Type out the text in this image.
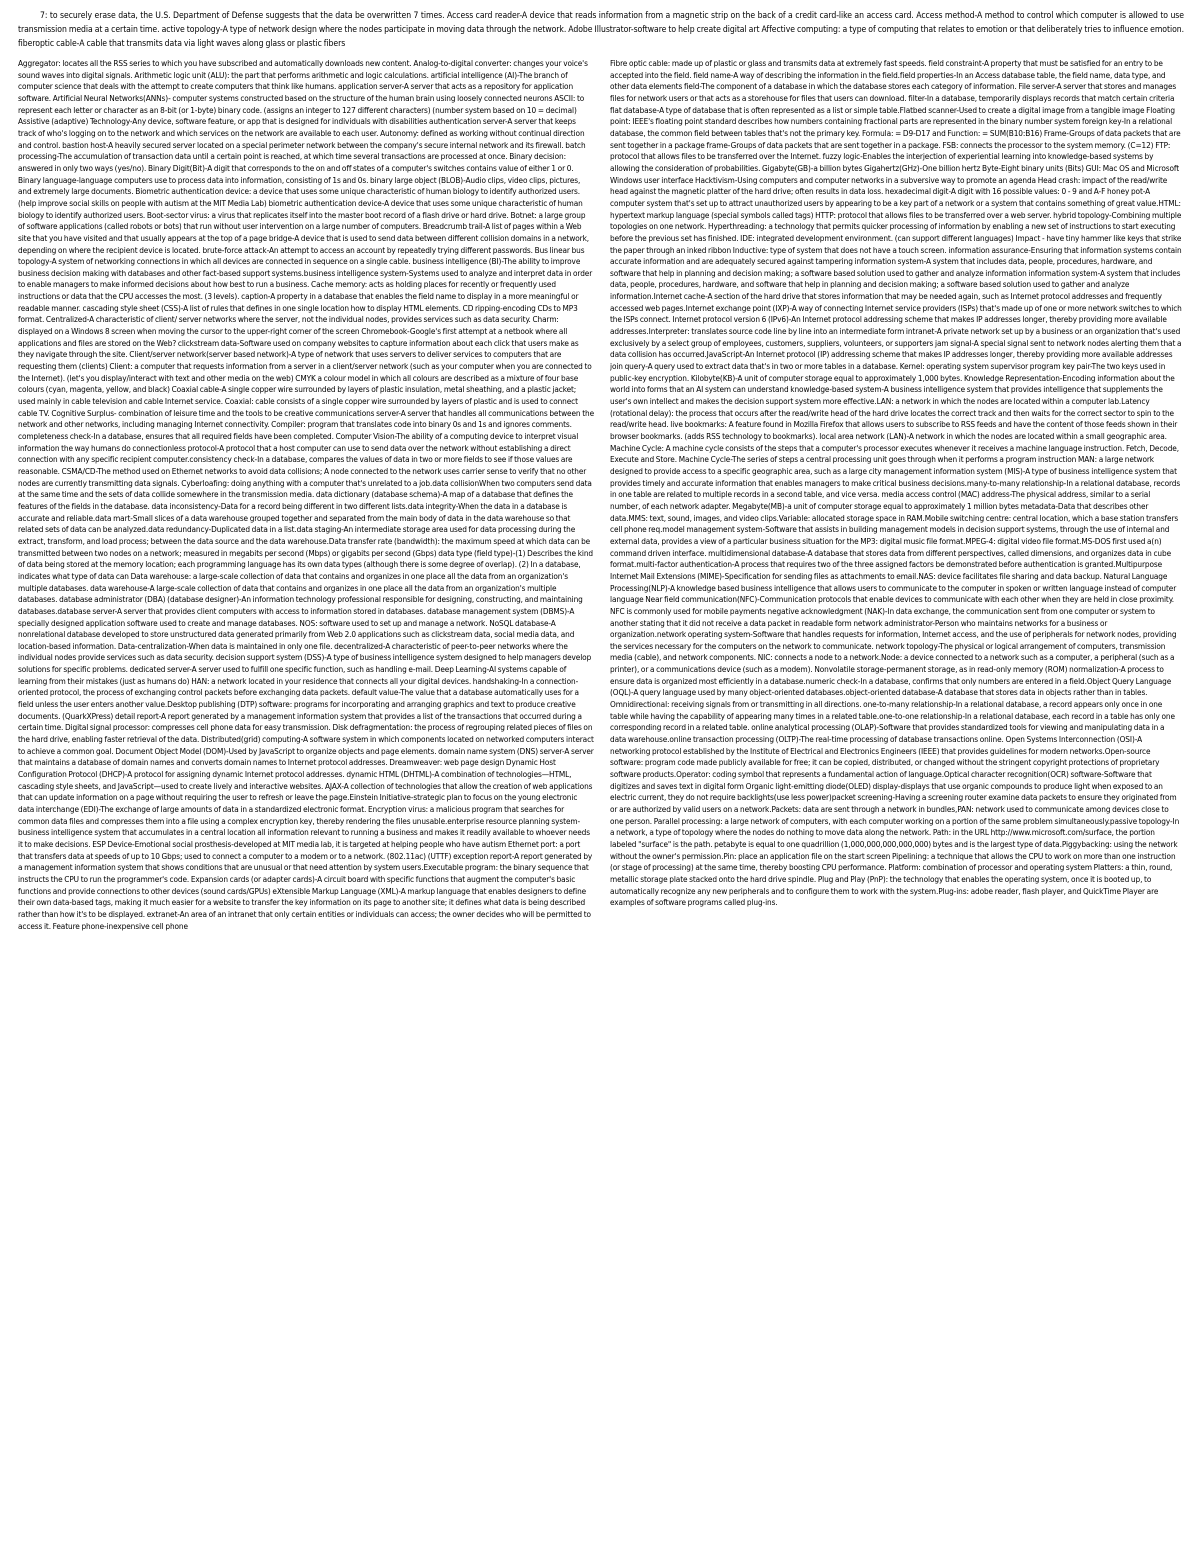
7: to securely erase data, the U.S. Department of Defense suggests that the data be overwritten 7 times. Access card reader-A device that reads information from a magnetic strip on the back of a credit card-like an access card. Access method-A method to control which computer is allowed to use transmission media at a certain time. active topology-A type of network design where the nodes participate in moving data through the network. Adobe Illustrator-software to help create digital art Affective computing: a type of computing that relates to emotion or that deliberately tries to influence emotion. fiberoptic cable-A cable that transmits data via light waves along glass or plastic fibers

Aggregator: locates all the RSS series to which you have subscribed and automatically downloads new content. Analog-to-digital converter: changes your voice's sound waves into digital signals. Arithmetic logic unit (ALU): the part that performs arithmetic and logic calculations. artificial intelligence (AI)-The branch of computer science that deals with the attempt to create computers that think like humans. application server-A server that acts as a repository for application software. Artificial Neural Networks(ANNs)- computer systems constructed based on the structure of the human brain using loosely connected neurons ASCII: to represent each letter or character as an 8-bit (or 1-byte) binary code. (assigns an integer to 127 different characters) (number system based on 10 = decimal) Assistive (adaptive) Technology-Any device, software feature, or app that is designed for individuals with disabilities authentication server-A server that keeps track of who's logging on to the network and which services on the network are available to each user. Autonomy: defined as working without continual direction and control. bastion host-A heavily secured server located on a special perimeter network between the company's secure internal network and its firewall. batch processing-The accumulation of transaction data until a certain point is reached, at which time several transactions are processed at once. Binary decision: answered in only two ways (yes/no). Binary Digit(Bit)-A digit that corresponds to the on and off states of a computer's switches contains value of either 1 or 0. Binary language-language computers use to process data into information, consisting of 1s and 0s. binary large object (BLOB)-Audio clips, video clips, pictures, and extremely large documents. Biometric authentication device: a device that uses some unique characteristic of human biology to identify authorized users. (help improve social skills on people with autism at the MIT Media Lab) biometric authentication device-A device that uses some unique characteristic of human biology to identify authorized users. Boot-sector virus: a virus that replicates itself into the master boot record of a flash drive or hard drive. Botnet: a large group of software applications (called robots or bots) that run without user intervention on a large number of computers. Breadcrumb trail-A list of pages within a Web site that you have visited and that usually appears at the top of a page bridge-A device that is used to send data between different collision domains in a network, depending on where the recipient device is located. brute-force attack-An attempt to access an account by repeatedly trying different passwords. Bus linear bus topology-A system of networking connections in which all devices are connected in sequence on a single cable. business intelligence (BI)-The ability to improve business decision making with databases and other fact-based support systems.business intelligence system-Systems used to analyze and interpret data in order to enable managers to make informed decisions about how best to run a business. Cache memory: acts as holding places for recently or frequently used instructions or data that the CPU accesses the most. (3 levels). caption-A property in a database that enables the field name to display in a more meaningful or readable manner. cascading style sheet (CSS)-A list of rules that defines in one single location how to display HTML elements. CD ripping-encoding CDs to MP3 format. Centralized-A characteristic of client/ server networks where the server, not the individual nodes, provides services such as data security. Charm: displayed on a Windows 8 screen when moving the cursor to the upper-right corner of the screen Chromebook-Google's first attempt at a netbook where all applications and files are stored on the Web? clickstream data-Software used on company websites to capture information about each click that users make as they navigate through the site. Client/server network(server based network)-A type of network that uses servers to deliver services to computers that are requesting them (clients) Client: a computer that requests information from a server in a client/server network (such as your computer when you are connected to the Internet). (let's you display/interact with text and other media on the web) CMYK a colour model in which all colours are described as a mixture of four base colours (cyan, magenta, yellow, and black) Coaxial cable-A single copper wire surrounded by layers of plastic insulation, metal sheathing, and a plastic jacket; used mainly in cable television and cable Internet service. Coaxial: cable consists of a single copper wire surrounded by layers of plastic and is used to connect cable TV. Cognitive Surplus- combination of leisure time and the tools to be creative communications server-A server that handles all communications between the network and other networks, including managing Internet connectivity. Compiler: program that translates code into binary 0s and 1s and ignores comments. completeness check-In a database, ensures that all required fields have been completed. Computer Vision-The ability of a computing device to interpret visual information the way humans do connectionless protocol-A protocol that a host computer can use to send data over the network without establishing a direct connection with any specific recipient computer.consistency check-In a database, compares the values of data in two or more fields to see if those values are reasonable. CSMA/CD-The method used on Ethernet networks to avoid data collisions; A node connected to the network uses carrier sense to verify that no other nodes are currently transmitting data signals. Cyberloafing: doing anything with a computer that's unrelated to a job.data collisionWhen two computers send data at the same time and the sets of data collide somewhere in the transmission media. data dictionary (database schema)-A map of a database that defines the features of the fields in the database. data inconsistency-Data for a record being different in two different lists.data integrity-When the data in a database is accurate and reliable.data mart-Small slices of a data warehouse grouped together and separated from the main body of data in the data warehouse so that related sets of data can be analyzed.data redundancy-Duplicated data in a list.data staging-An intermediate storage area used for data processing during the extract, transform, and load process; between the data source and the data warehouse.Data transfer rate (bandwidth): the maximum speed at which data can be transmitted between two nodes on a network; measured in megabits per second (Mbps) or gigabits per second (Gbps) data type (field type)-(1) Describes the kind of data being stored at the memory location; each programming language has its own data types (although there is some degree of overlap). (2) In a database, indicates what type of data can Data warehouse: a large-scale collection of data that contains and organizes in one place all the data from an organization's multiple databases. data warehouse-A large-scale collection of data that contains and organizes in one place all the data from an organization's multiple databases. database administrator (DBA) (database designer)-An information technology professional responsible for designing, constructing, and maintaining databases.database server-A server that provides client computers with access to information stored in databases. database management system (DBMS)-A specially designed application software used to create and manage databases. NOS: software used to set up and manage a network. NoSQL database-A nonrelational database developed to store unstructured data generated primarily from Web 2.0 applications such as clickstream data, social media data, and location-based information. Data-centralization-When data is maintained in only one file. decentralized-A characteristic of peer-to-peer networks where the individual nodes provide services such as data security. decision support system (DSS)-A type of business intelligence system designed to help managers develop solutions for specific problems. dedicated server-A server used to fulfill one specific function, such as handling e-mail. Deep Learning-AI systems capable of learning from their mistakes (just as humans do) HAN: a network located in your residence that connects all your digital devices. handshaking-In a connection-oriented protocol, the process of exchanging control packets before exchanging data packets. default value-The value that a database automatically uses for a field unless the user enters another value.Desktop publishing (DTP) software: programs for incorporating and arranging graphics and text to produce creative documents. (QuarkXPress) detail report-A report generated by a management information system that provides a list of the transactions that occurred during a certain time. Digital signal processor: compresses cell phone data for easy transmission. Disk defragmentation: the process of regrouping related pieces of files on the hard drive, enabling faster retrieval of the data. Distributed(grid) computing-A software system in which components located on networked computers interact to achieve a common goal. Document Object Model (DOM)-Used by JavaScript to organize objects and page elements. domain name system (DNS) server-A server that maintains a database of domain names and converts domain names to Internet protocol addresses. Dreamweaver: web page design Dynamic Host Configuration Protocol (DHCP)-A protocol for assigning dynamic Internet protocol addresses. dynamic HTML (DHTML)-A combination of technologies—HTML, cascading style sheets, and JavaScript—used to create lively and interactive websites. AJAX-A collection of technologies that allow the creation of web applications that can update information on a page without requiring the user to refresh or leave the page.Einstein Initiative-strategic plan to focus on the young electronic data interchange (EDI)-The exchange of large amounts of data in a standardized electronic format. Encryption virus: a malicious program that searches for common data files and compresses them into a file using a complex encryption key, thereby rendering the files unusable.enterprise resource planning system- business intelligence system that accumulates in a central location all information relevant to running a business and makes it readily available to whoever needs it to make decisions. ESP Device-Emotional social prosthesis-developed at MIT media lab, it is targeted at helping people who have autism Ethernet port: a port that transfers data at speeds of up to 10 Gbps; used to connect a computer to a modem or to a network. (802.11ac) (UTTF) exception report-A report generated by a management information system that shows conditions that are unusual or that need attention by system users.Executable program: the binary sequence that instructs the CPU to run the programmer's code. Expansion cards (or adapter cards)-A circuit board with specific functions that augment the computer's basic functions and provide connections to other devices (sound cards/GPUs) eXtensible Markup Language (XML)-A markup language that enables designers to define their own data-based tags, making it much easier for a website to transfer the key information on its page to another site; it defines what data is being described rather than how it's to be displayed. extranet-An area of an intranet that only certain entities or individuals can access; the owner decides who will be permitted to access it. Feature phone-inexpensive cell phone

Fibre optic cable: made up of plastic or glass and transmits data at extremely fast speeds. field constraint-A property that must be satisfied for an entry to be accepted into the field. field name-A way of describing the information in the field.field properties-In an Access database table, the field name, data type, and other data elements field-The component of a database in which the database stores each category of information. File server-A server that stores and manages files for network users or that acts as a storehouse for files that users can download. filter-In a database, temporarily displays records that match certain criteria flat database-A type of database that is often represented as a list or simple table.Flatbed scanner-Used to create a digital image from a tangible image Floating point: IEEE's floating point standard describes how numbers containing fractional parts are represented in the binary number system foreign key-In a relational database, the common field between tables that's not the primary key. Formula: = D9-D17 and Function: = SUM(B10:B16) Frame-Groups of data packets that are sent together in a package frame-Groups of data packets that are sent together in a package. FSB: connects the processor to the system memory. (C=12) FTP: protocol that allows files to be transferred over the Internet. fuzzy logic-Enables the interjection of experiential learning into knowledge-based systems by allowing the consideration of probabilities. Gigabyte(GB)-a billion bytes Gigahertz(GHz)-One billion hertz Byte-Eight binary units (Bits) GUI: Mac OS and Microsoft Windows user interface Hacktivism-Using computers and computer networks in a subversive way to promote an agenda Head crash: impact of the read/write head against the magnetic platter of the hard drive; often results in data loss. hexadecimal digit-A digit with 16 possible values: 0 - 9 and A-F honey pot-A computer system that's set up to attract unauthorized users by appearing to be a key part of a network or a system that contains something of great value.HTML: hypertext markup language (special symbols called tags) HTTP: protocol that allows files to be transferred over a web server. hybrid topology-Combining multiple topologies on one network. Hyperthreading: a technology that permits quicker processing of information by enabling a new set of instructions to start executing before the previous set has finished. IDE: integrated development environment. (can support different languages) Impact - have tiny hammer like keys that strike the paper through an inked ribbon Inductive: type of system that does not have a touch screen. information assurance-Ensuring that information systems contain accurate information and are adequately secured against tampering information system-A system that includes data, people, procedures, hardware, and software that help in planning and decision making; a software based solution used to gather and analyze information information system-A system that includes data, people, procedures, hardware, and software that help in planning and decision making; a software based solution used to gather and analyze information.Internet cache-A section of the hard drive that stores information that may be needed again, such as Internet protocol addresses and frequently accessed web pages.Internet exchange point (IXP)-A way of connecting Internet service providers (ISPs) that's made up of one or more network switches to which the ISPs connect. Internet protocol version 6 (IPv6)-An Internet protocol addressing scheme that makes IP addresses longer, thereby providing more available addresses.Interpreter: translates source code line by line into an intermediate form intranet-A private network set up by a business or an organization that's used exclusively by a select group of employees, customers, suppliers, volunteers, or supporters jam signal-A special signal sent to network nodes alerting them that a data collision has occurred.JavaScript-An Internet protocol (IP) addressing scheme that makes IP addresses longer, thereby providing more available addresses join query-A query used to extract data that's in two or more tables in a database. Kernel: operating system supervisor program key pair-The two keys used in public-key encryption. Kilobyte(KB)-A unit of computer storage equal to approximately 1,000 bytes. Knowledge Representation-Encoding information about the world into forms that an AI system can understand knowledge-based system-A business intelligence system that provides intelligence that supplements the user's own intellect and makes the decision support system more effective.LAN: a network in which the nodes are located within a computer lab.Latency (rotational delay): the process that occurs after the read/write head of the hard drive locates the correct track and then waits for the correct sector to spin to the read/write head. live bookmarks: A feature found in Mozilla Firefox that allows users to subscribe to RSS feeds and have the content of those feeds shown in their browser bookmarks. (adds RSS technology to bookmarks). local area network (LAN)-A network in which the nodes are located within a small geographic area. Machine Cycle: A machine cycle consists of the steps that a computer's processor executes whenever it receives a machine language instruction. Fetch, Decode, Execute and Store. Machine Cycle-The series of steps a central processing unit goes through when it performs a program instruction MAN: a large network designed to provide access to a specific geographic area, such as a large city management information system (MIS)-A type of business intelligence system that provides timely and accurate information that enables managers to make critical business decisions.many-to-many relationship-In a relational database, records in one table are related to multiple records in a second table, and vice versa. media access control (MAC) address-The physical address, similar to a serial number, of each network adapter. Megabyte(MB)-a unit of computer storage equal to approximately 1 million bytes metadata-Data that describes other data.MMS: text, sound, images, and video clips.Variable: allocated storage space in RAM.Mobile switching centre: central location, which a base station transfers cell phone req.model management system-Software that assists in building management models in decision support systems, through the use of internal and external data, provides a view of a particular business situation for the MP3: digital music file format.MPEG-4: digital video file format.MS-DOS first used a(n) command driven interface. multidimensional database-A database that stores data from different perspectives, called dimensions, and organizes data in cube format.multi-factor authentication-A process that requires two of the three assigned factors be demonstrated before authentication is granted.Multipurpose Internet Mail Extensions (MIME)-Specification for sending files as attachments to email.NAS: device facilitates file sharing and data backup. Natural Language Processing(NLP)-A knowledge based business intelligence that allows users to communicate to the computer in spoken or written language instead of computer language Near field communication(NFC)-Communication protocols that enable devices to communicate with each other when they are held in close proximity. NFC is commonly used for mobile payments negative acknowledgment (NAK)-In data exchange, the communication sent from one computer or system to another stating that it did not receive a data packet in readable form network administrator-Person who maintains networks for a business or organization.network operating system-Software that handles requests for information, Internet access, and the use of peripherals for network nodes, providing the services necessary for the computers on the network to communicate. network topology-The physical or logical arrangement of computers, transmission media (cable), and network components. NIC: connects a node to a network.Node: a device connected to a network such as a computer, a peripheral (such as a printer), or a communications device (such as a modem). Nonvolatile storage-permanent storage, as in read-only memory (ROM) normalization-A process to ensure data is organized most efficiently in a database.numeric check-In a database, confirms that only numbers are entered in a field.Object Query Language (OQL)-A query language used by many object-oriented databases.object-oriented database-A database that stores data in objects rather than in tables. Omnidirectional: receiving signals from or transmitting in all directions. one-to-many relationship-In a relational database, a record appears only once in one table while having the capability of appearing many times in a related table.one-to-one relationship-In a relational database, each record in a table has only one corresponding record in a related table. online analytical processing (OLAP)-Software that provides standardized tools for viewing and manipulating data in a data warehouse.online transaction processing (OLTP)-The real-time processing of database transactions online. Open Systems Interconnection (OSI)-A networking protocol established by the Institute of Electrical and Electronics Engineers (IEEE) that provides guidelines for modern networks.Open-source software: program code made publicly available for free; it can be copied, distributed, or changed without the stringent copyright protections of proprietary software products.Operator: coding symbol that represents a fundamental action of language.Optical character recognition(OCR) software-Software that digitizes and saves text in digital form Organic light-emitting diode(OLED) display-displays that use organic compounds to produce light when exposed to an electric current, they do not require backlights(use less power)packet screening-Having a screening router examine data packets to ensure they originated from or are authorized by valid users on a network.Packets: data are sent through a network in bundles,PAN: network used to communicate among devices close to one person. Parallel processing: a large network of computers, with each computer working on a portion of the same problem simultaneously.passive topology-In a network, a type of topology where the nodes do nothing to move data along the network. Path: in the URL http://www.microsoft.com/surface, the portion labeled "surface" is the path. petabyte is equal to one quadrillion (1,000,000,000,000,000) bytes and is the largest type of data.Piggybacking: using the network without the owner's permission.Pin: place an application file on the start screen Pipelining: a technique that allows the CPU to work on more than one instruction (or stage of processing) at the same time, thereby boosting CPU performance. Platform: combination of processor and operating system Platters: a thin, round, metallic storage plate stacked onto the hard drive spindle. Plug and Play (PnP): the technology that enables the operating system, once it is booted up, to automatically recognize any new peripherals and to configure them to work with the system.Plug-ins: adobe reader, flash player, and QuickTime Player are examples of software programs called plug-ins.
